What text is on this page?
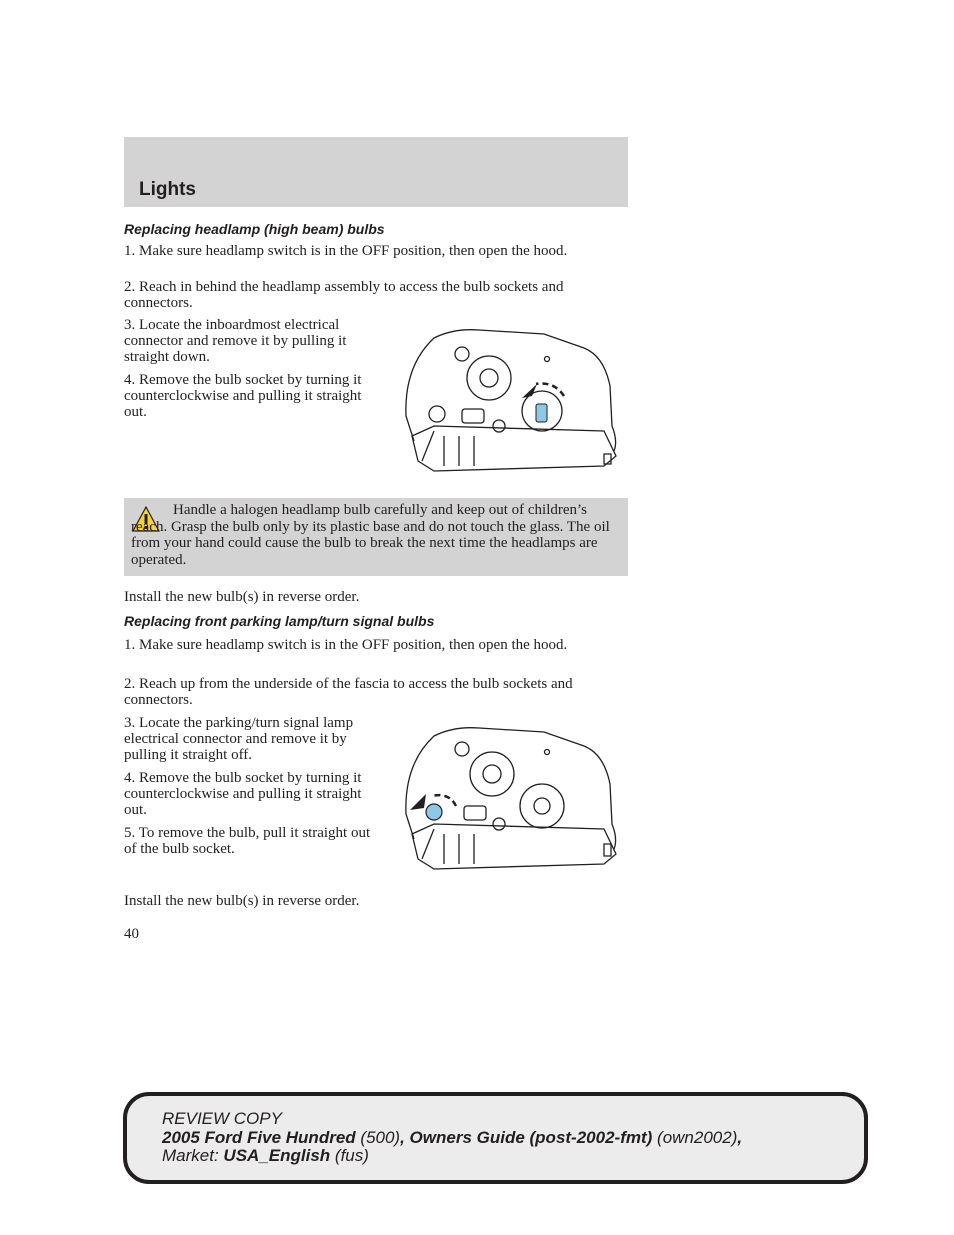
Lights
Replacing headlamp (high beam) bulbs
1. Make sure headlamp switch is in the OFF position, then open the hood.
2. Reach in behind the headlamp assembly to access the bulb sockets and connectors.
3. Locate the inboardmost electrical connector and remove it by pulling it straight down.
4. Remove the bulb socket by turning it counterclockwise and pulling it straight out.
Handle a halogen headlamp bulb carefully and keep out of children’s reach. Grasp the bulb only by its plastic base and do not touch the glass. The oil from your hand could cause the bulb to break the next time the headlamps are operated.
Install the new bulb(s) in reverse order.
Replacing front parking lamp/turn signal bulbs
1. Make sure headlamp switch is in the OFF position, then open the hood.
2. Reach up from the underside of the fascia to access the bulb sockets and connectors.
3. Locate the parking/turn signal lamp electrical connector and remove it by pulling it straight off.
4. Remove the bulb socket by turning it counterclockwise and pulling it straight out.
5. To remove the bulb, pull it straight out of the bulb socket.
Install the new bulb(s) in reverse order.
40
REVIEW COPY
2005 Ford Five Hundred (500), Owners Guide (post-2002-fmt) (own2002),
Market: USA_English (fus)
